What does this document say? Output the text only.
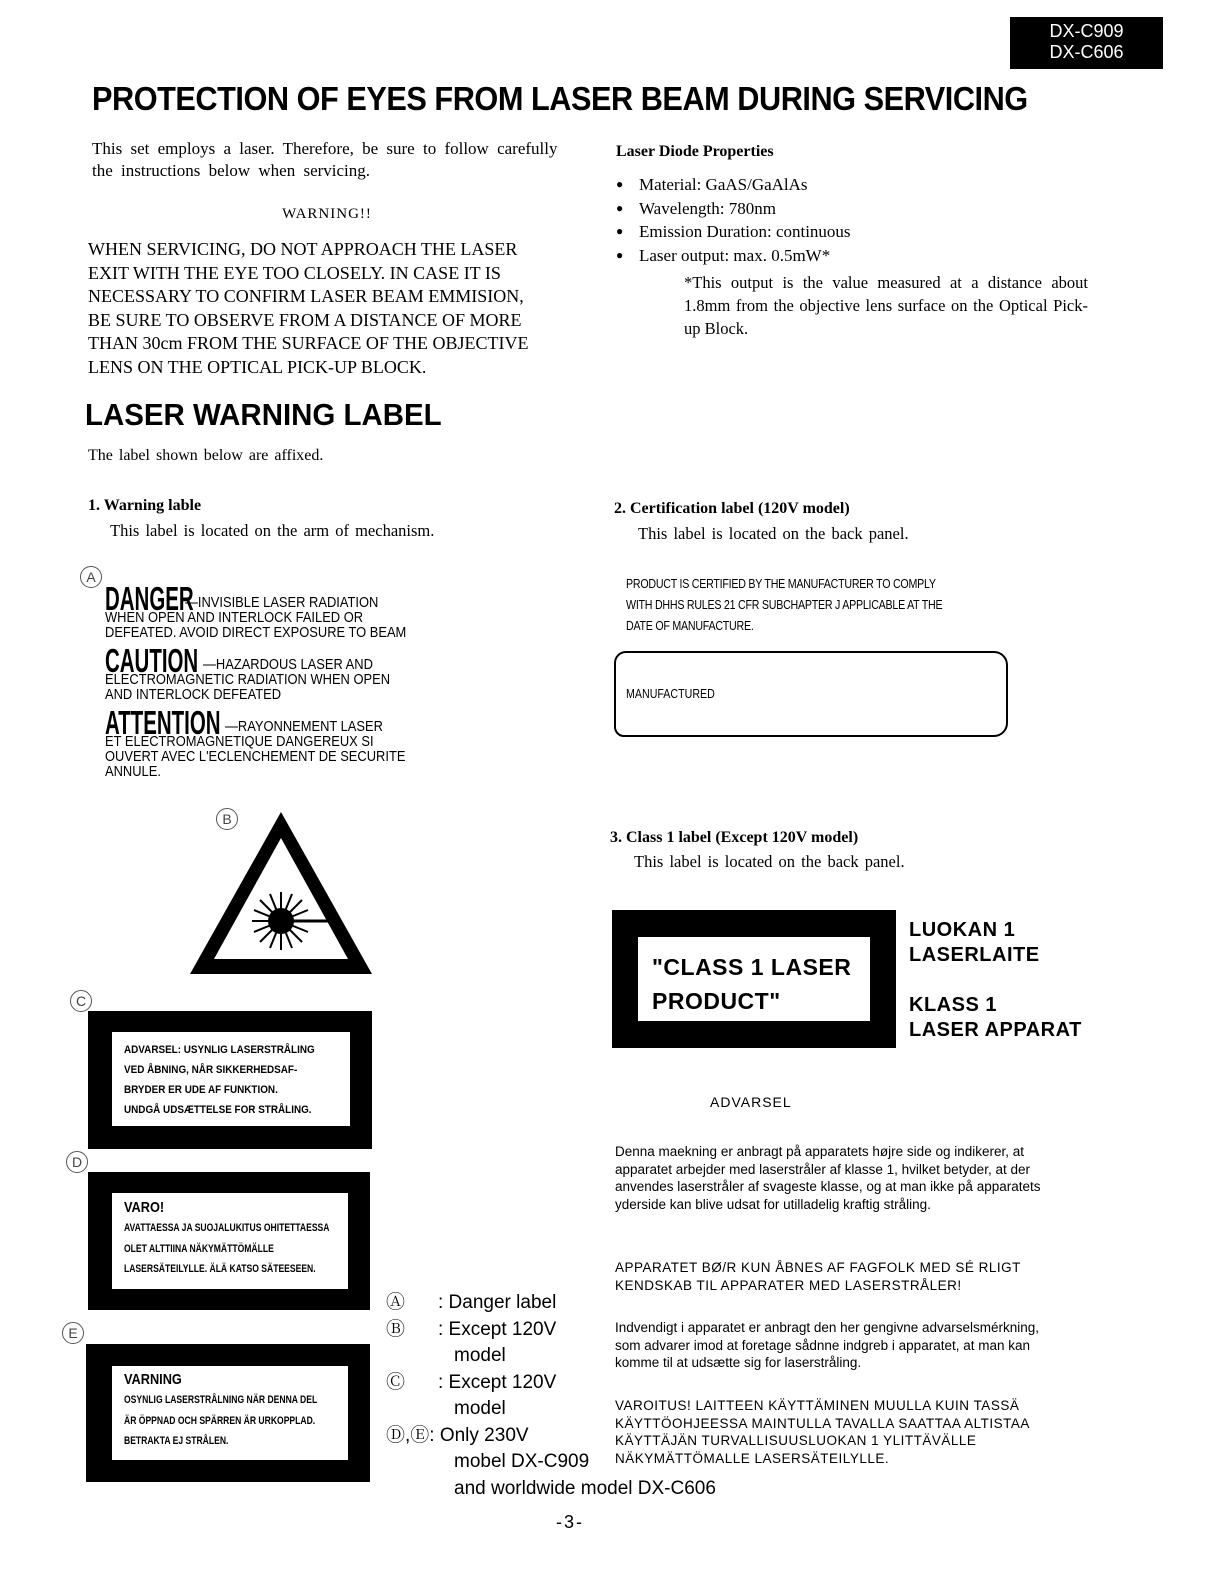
DX-C909
DX-C606
PROTECTION OF EYES FROM LASER BEAM DURING SERVICING
This set employs a laser. Therefore, be sure to follow carefully the instructions below when servicing.
WARNING!!
WHEN SERVICING, DO NOT APPROACH THE LASER
EXIT WITH THE EYE TOO CLOSELY. IN CASE IT IS
NECESSARY TO CONFIRM LASER BEAM EMMISION,
BE SURE TO OBSERVE FROM A DISTANCE OF MORE
THAN 30cm FROM THE SURFACE OF THE OBJECTIVE
LENS ON THE OPTICAL PICK-UP BLOCK.
Laser Diode Properties
● Material: GaAS/GaAlAs
● Wavelength: 780nm
● Emission Duration: continuous
● Laser output: max. 0.5mW*
*This output is the value measured at a distance about 1.8mm from the objective lens surface on the Optical Pick-up Block.
LASER WARNING LABEL
The label shown below are affixed.
1. Warning lable
This label is located on the arm of mechanism.
2. Certification label (120V model)
This label is located on the back panel.
3. Class 1 label (Except 120V model)
This label is located on the back panel.
A
DANGER
—INVISIBLE LASER RADIATION
WHEN OPEN AND INTERLOCK FAILED OR
DEFEATED. AVOID DIRECT EXPOSURE TO BEAM
CAUTION —HAZARDOUS LASER AND
ELECTROMAGNETIC RADIATION WHEN OPEN
AND INTERLOCK DEFEATED
ATTENTION —RAYONNEMENT LASER
ET ELECTROMAGNETIQUE DANGEREUX SI
OUVERT AVEC L'ECLENCHEMENT DE SECURITE
ANNULE.
B
C
ADVARSEL: USYNLIG LASERSTRÅLING
VED ÅBNING, NÅR SIKKERHEDSAF-
BRYDER ER UDE AF FUNKTION.
UNDGÅ UDSÆTTELSE FOR STRÅLING.
D
VARO!
AVATTAESSA JA SUOJALUKITUS OHITETTAESSA
OLET ALTTIINA NÄKYMÄTTÖMÄLLE
LASERSÄTEILYLLE. ÄLÄ KATSO SÄTEESEEN.
E
VARNING
OSYNLIG LASERSTRÅLNING NÄR DENNA DEL
ÄR ÖPPNAD OCH SPÄRREN ÄR URKOPPLAD.
BETRAKTA EJ STRÅLEN.
PRODUCT IS CERTIFIED BY THE MANUFACTURER TO COMPLY
WITH DHHS RULES 21 CFR SUBCHAPTER J APPLICABLE AT THE
DATE OF MANUFACTURE.
MANUFACTURED
"CLASS 1 LASER
PRODUCT"
LUOKAN 1
LASERLAITE
KLASS 1
LASER APPARAT
ADVARSEL
Denna maekning er anbragt på apparatets højre side og indikerer, at apparatet arbejder med laserstråler af klasse 1, hvilket betyder, at der anvendes laserstråler af svageste klasse, og at man ikke på apparatets yderside kan blive udsat for utilladelig kraftig stråling.
APPARATET BØ/R KUN ÅBNES AF FAGFOLK MED SÉ RLIGT KENDSKAB TIL APPARATER MED LASERSTRÅLER!
Indvendigt i apparatet er anbragt den her gengivne advarselsmérkning, som advarer imod at foretage sådnne indgreb i apparatet, at man kan komme til at udsætte sig for laserstråling.
VAROITUS! LAITTEEN KÄYTTÄMINEN MUULLA KUIN TASSÄ KÄYTTÖOHJEESSA MAINTULLA TAVALLA SAATTAA ALTISTAA KÄYTTÄJÄN TURVALLISUUSLUOKAN 1 YLITTÄVÄLLE NÄKYMÄTTÖMALLE LASERSÄTEILYLLE.
Ⓐ : Danger label
Ⓑ : Except 120V
model
Ⓒ : Except 120V
model
Ⓓ,Ⓔ: Only 230V
mobel DX-C909
and worldwide model DX-C606
-3-
